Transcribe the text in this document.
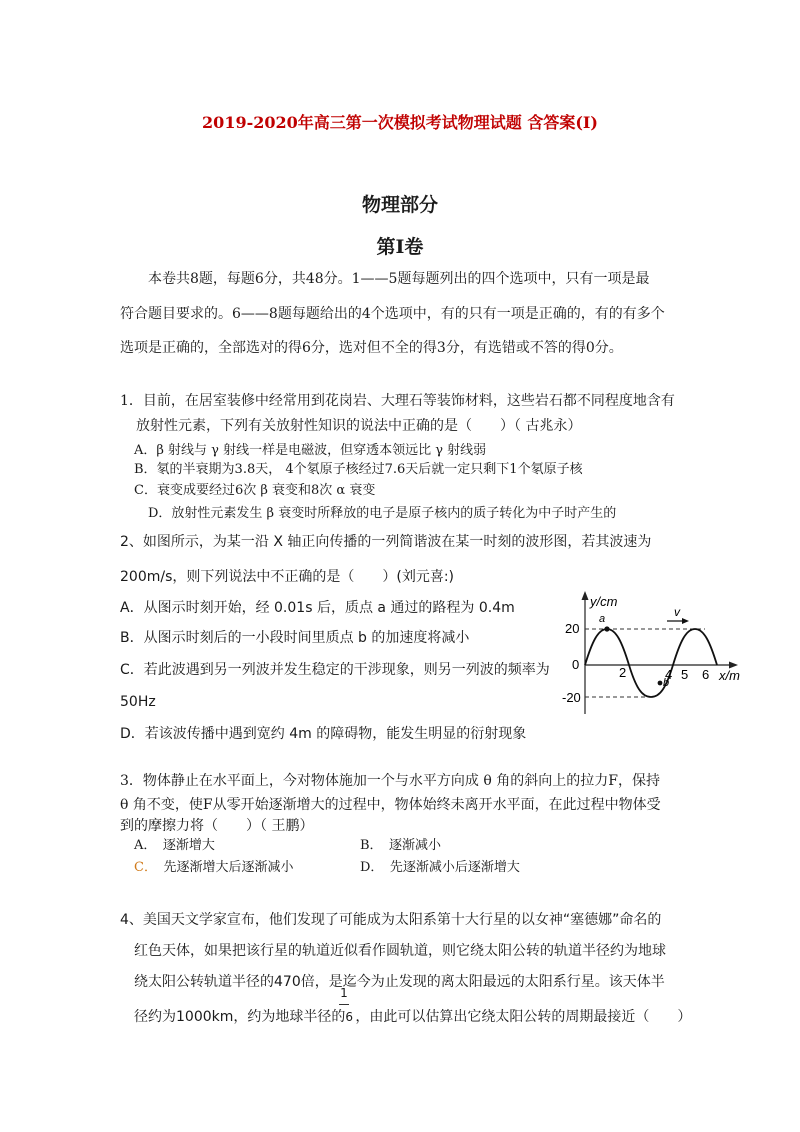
2019-2020年高三第一次模拟考试物理试题 含答案(I)
物理部分
第Ⅰ卷
本卷共8题，每题6分，共48分。1——5题每题列出的四个选项中，只有一项是最
符合题目要求的。6——8题每题给出的4个选项中，有的只有一项是正确的，有的有多个
选项是正确的，全部选对的得6分，选对但不全的得3分，有选错或不答的得0分。
1．目前，在居室装修中经常用到花岗岩、大理石等装饰材料，这些岩石都不同程度地含有
放射性元素，下列有关放射性知识的说法中正确的是（　　）（ 古兆永）
A．β 射线与 γ 射线一样是电磁波，但穿透本领远比 γ 射线弱
B．氡的半衰期为3.8天， 4个氡原子核经过7.6天后就一定只剩下1个氡原子核
C．衰变成要经过6次 β 衰变和8次 α 衰变
D．放射性元素发生 β 衰变时所释放的电子是原子核内的质子转化为中子时产生的
2、如图所示，为某一沿 X 轴正向传播的一列简谐波在某一时刻的波形图，若其波速为
200m/s，则下列说法中不正确的是（　　）(刘元喜:)
A．从图示时刻开始，经 0.01s 后，质点 a 通过的路程为 0.4m
B．从图示时刻后的一小段时间里质点 b 的加速度将减小
C．若此波遇到另一列波并发生稳定的干涉现象，则另一列波的频率为
50Hz
D．若该波传播中遇到宽约 4m 的障碍物，能发生明显的衍射现象
v
y/cm
x/m
20
0
-20
2	4 5 6
a
b
3．物体静止在水平面上，今对物体施加一个与水平方向成 θ 角的斜向上的拉力F，保持
θ 角不变，使F从零开始逐渐增大的过程中，物体始终未离开水平面，在此过程中物体受
到的摩擦力将（　　）（ 王鹏）
A．　逐渐增大	B．　逐渐减小
C．　先逐渐增大后逐渐减小	D．　先逐渐减小后逐渐增大
4、美国天文学家宣布，他们发现了可能成为太阳系第十大行星的以女神“塞德娜”命名的
红色天体，如果把该行星的轨道近似看作圆轨道，则它绕太阳公转的轨道半径约为地球
绕太阳公转轨道半径的470倍，是迄今为止发现的离太阳最远的太阳系行星。该天体半
1
径约为1000km，约为地球半径的6 ，由此可以估算出它绕太阳公转的周期最接近（　　）
